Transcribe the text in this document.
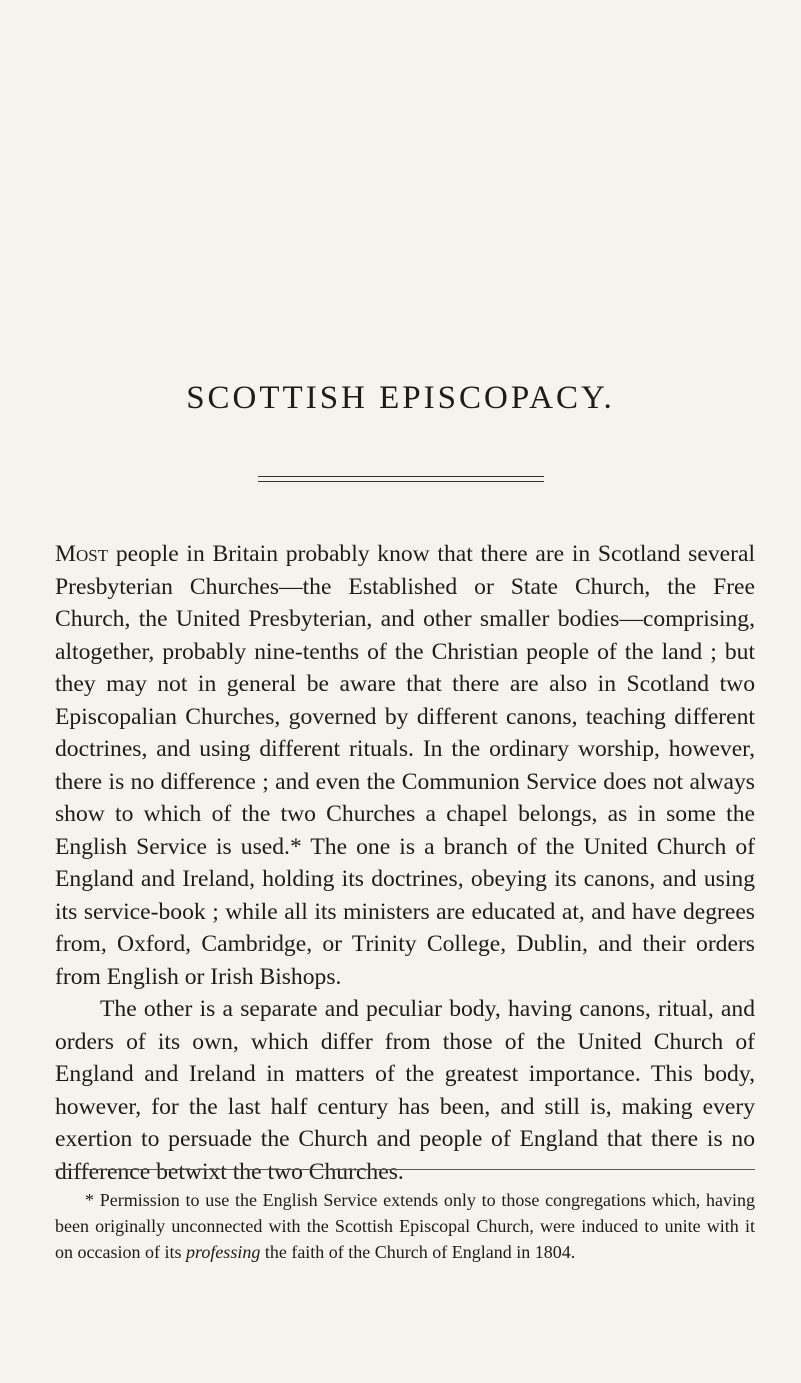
SCOTTISH EPISCOPACY.

Most people in Britain probably know that there are in Scotland several Presbyterian Churches—the Established or State Church, the Free Church, the United Presbyterian, and other smaller bodies—comprising, altogether, probably nine-tenths of the Christian people of the land ; but they may not in general be aware that there are also in Scotland two Episcopalian Churches, governed by different canons, teaching different doctrines, and using different rituals. In the ordinary worship, however, there is no difference ; and even the Communion Service does not always show to which of the two Churches a chapel belongs, as in some the English Service is used.* The one is a branch of the United Church of England and Ireland, holding its doctrines, obeying its canons, and using its service-book ; while all its ministers are educated at, and have degrees from, Oxford, Cambridge, or Trinity College, Dublin, and their orders from English or Irish Bishops.

The other is a separate and peculiar body, having canons, ritual, and orders of its own, which differ from those of the United Church of England and Ireland in matters of the greatest importance. This body, however, for the last half century has been, and still is, making every exertion to persuade the Church and people of England that there is no difference betwixt the two Churches.

* Permission to use the English Service extends only to those congregations which, having been originally unconnected with the Scottish Episcopal Church, were induced to unite with it on occasion of its professing the faith of the Church of England in 1804.
